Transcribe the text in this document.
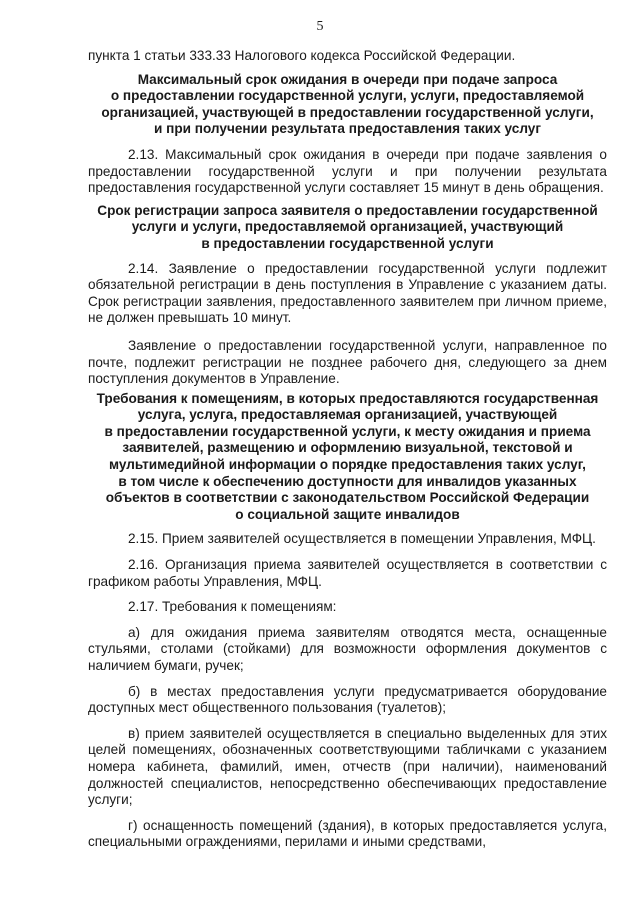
5

пункта 1 статьи 333.33 Налогового кодекса Российской Федерации.

Максимальный срок ожидания в очереди при подаче запроса
о предоставлении государственной услуги, услуги, предоставляемой
организацией, участвующей в предоставлении государственной услуги,
и при получении результата предоставления таких услуг

2.13. Максимальный срок ожидания в очереди при подаче заявления о предоставлении государственной услуги и при получении результата предоставления государственной услуги составляет 15 минут в день обращения.

Срок регистрации запроса заявителя о предоставлении государственной
услуги и услуги, предоставляемой организацией, участвующий
в предоставлении государственной услуги

2.14. Заявление о предоставлении государственной услуги подлежит обязательной регистрации в день поступления в Управление с указанием даты. Срок регистрации заявления, предоставленного заявителем при личном приеме, не должен превышать 10 минут.

Заявление о предоставлении государственной услуги, направленное по почте, подлежит регистрации не позднее рабочего дня, следующего за днем поступления документов в Управление.

Требования к помещениям, в которых предоставляются государственная
услуга, услуга, предоставляемая организацией, участвующей
в предоставлении государственной услуги, к месту ожидания и приема
заявителей, размещению и оформлению визуальной, текстовой и
мультимедийной информации о порядке предоставления таких услуг,
в том числе к обеспечению доступности для инвалидов указанных
объектов в соответствии с законодательством Российской Федерации
о социальной защите инвалидов

2.15. Прием заявителей осуществляется в помещении Управления, МФЦ.

2.16. Организация приема заявителей осуществляется в соответствии с графиком работы Управления, МФЦ.

2.17. Требования к помещениям:

а) для ожидания приема заявителям отводятся места, оснащенные стульями, столами (стойками) для возможности оформления документов с наличием бумаги, ручек;

б) в местах предоставления услуги предусматривается оборудование доступных мест общественного пользования (туалетов);

в) прием заявителей осуществляется в специально выделенных для этих целей помещениях, обозначенных соответствующими табличками с указанием номера кабинета, фамилий, имен, отчеств (при наличии), наименований должностей специалистов, непосредственно обеспечивающих предоставление услуги;

г) оснащенность помещений (здания), в которых предоставляется услуга, специальными ограждениями, перилами и иными средствами,
